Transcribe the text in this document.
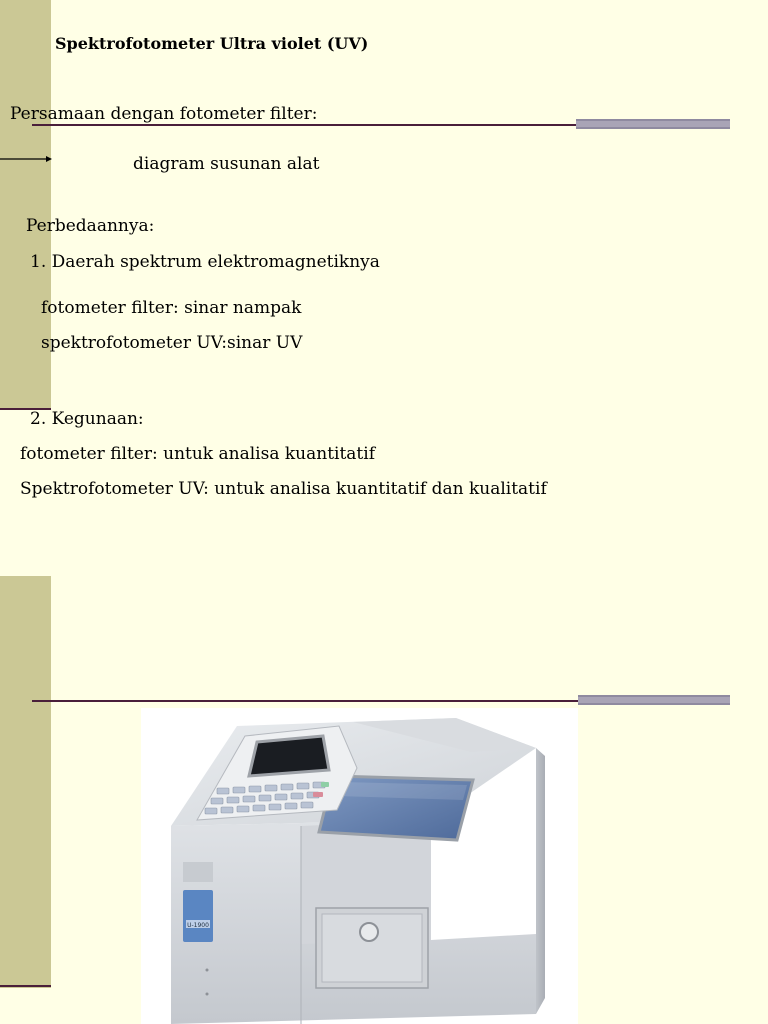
Spektrofotometer Ultra violet (UV)
Persamaan dengan fotometer filter:
diagram susunan alat
Perbedaannya:
1. Daerah spektrum elektromagnetiknya
fotometer filter: sinar nampak
spektrofotometer UV:sinar UV
2. Kegunaan:
fotometer filter: untuk analisa kuantitatif
Spektrofotometer UV: untuk analisa kuantitatif dan kualitatif
U-1900
